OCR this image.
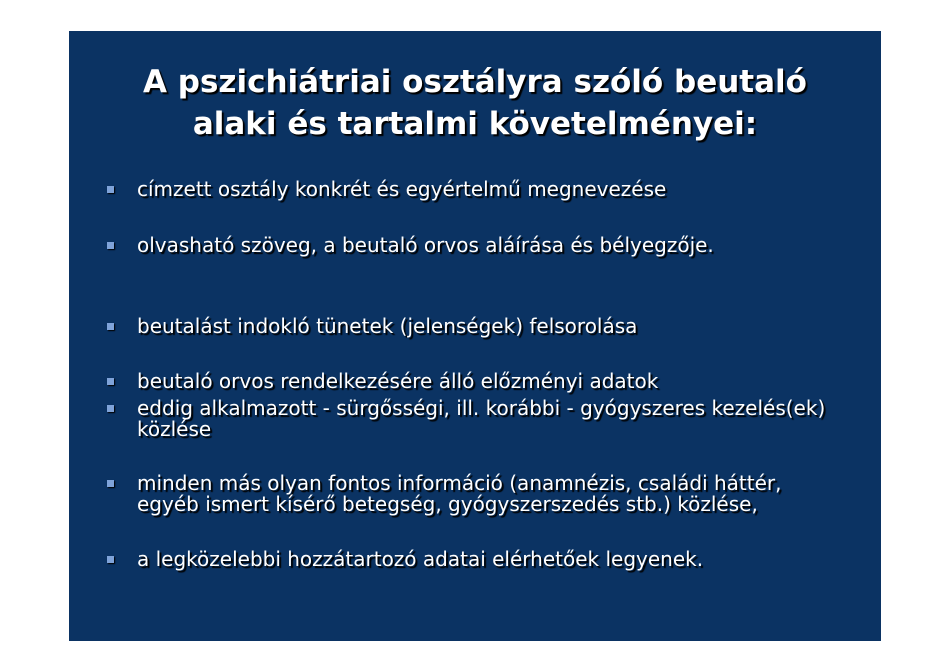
A pszichiátriai osztályra szóló beutaló
alaki és tartalmi követelményei:
címzett osztály konkrét és egyértelmű megnevezése
olvasható szöveg, a beutaló orvos aláírása és bélyegzője.
beutalást indokló tünetek (jelenségek) felsorolása
beutaló orvos rendelkezésére álló előzményi adatok
eddig alkalmazott - sürgősségi, ill. korábbi - gyógyszeres kezelés(ek) közlése
minden más olyan fontos információ (anamnézis, családi háttér, egyéb ismert kísérő betegség, gyógyszerszedés stb.) közlése,
a legközelebbi hozzátartozó adatai elérhetőek legyenek.
